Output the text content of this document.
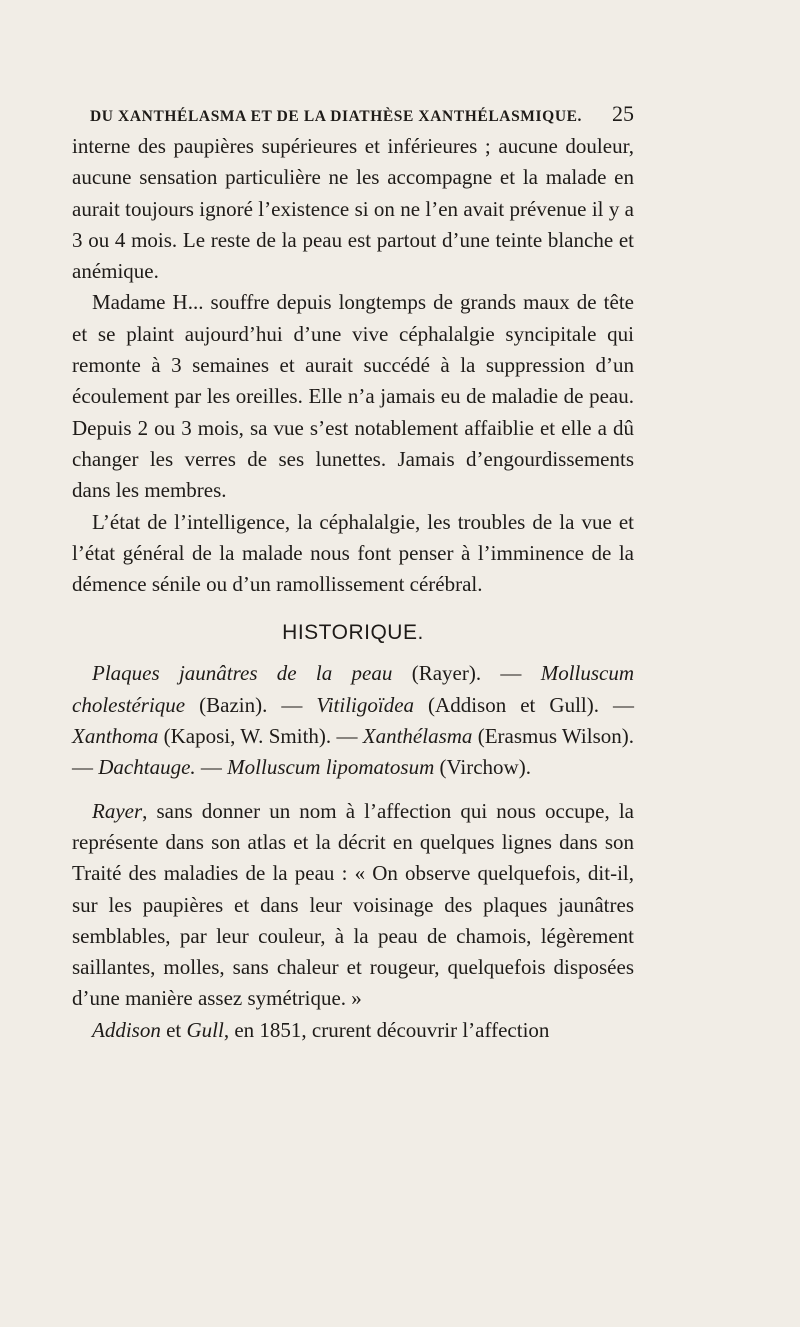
DU XANTHÉLASMA ET DE LA DIATHÈSE XANTHÉLASMIQUE. 25

interne des paupières supérieures et inférieures ; aucune douleur, aucune sensation particulière ne les accompagne et la malade en aurait toujours ignoré l’existence si on ne l’en avait prévenue il y a 3 ou 4 mois. Le reste de la peau est partout d’une teinte blanche et anémique.

Madame H... souffre depuis longtemps de grands maux de tête et se plaint aujourd’hui d’une vive céphalalgie syncipitale qui remonte à 3 semaines et aurait succédé à la suppression d’un écoulement par les oreilles. Elle n’a jamais eu de maladie de peau. Depuis 2 ou 3 mois, sa vue s’est notablement affaiblie et elle a dû changer les verres de ses lunettes. Jamais d’engourdissements dans les membres.

L’état de l’intelligence, la céphalalgie, les troubles de la vue et l’état général de la malade nous font penser à l’imminence de la démence sénile ou d’un ramollissement cérébral.

HISTORIQUE.

Plaques jaunâtres de la peau (Rayer). — Molluscum cholestérique (Bazin). — Vitiligoïdea (Addison et Gull). — Xanthoma (Kaposi, W. Smith). — Xanthélasma (Erasmus Wilson). — Dachtauge. — Molluscum lipomatosum (Virchow).

Rayer, sans donner un nom à l’affection qui nous occupe, la représente dans son atlas et la décrit en quelques lignes dans son Traité des maladies de la peau : « On observe quelquefois, dit-il, sur les paupières et dans leur voisinage des plaques jaunâtres semblables, par leur couleur, à la peau de chamois, légèrement saillantes, molles, sans chaleur et rougeur, quelquefois disposées d’une manière assez symétrique. »

Addison et Gull, en 1851, crurent découvrir l’affection
